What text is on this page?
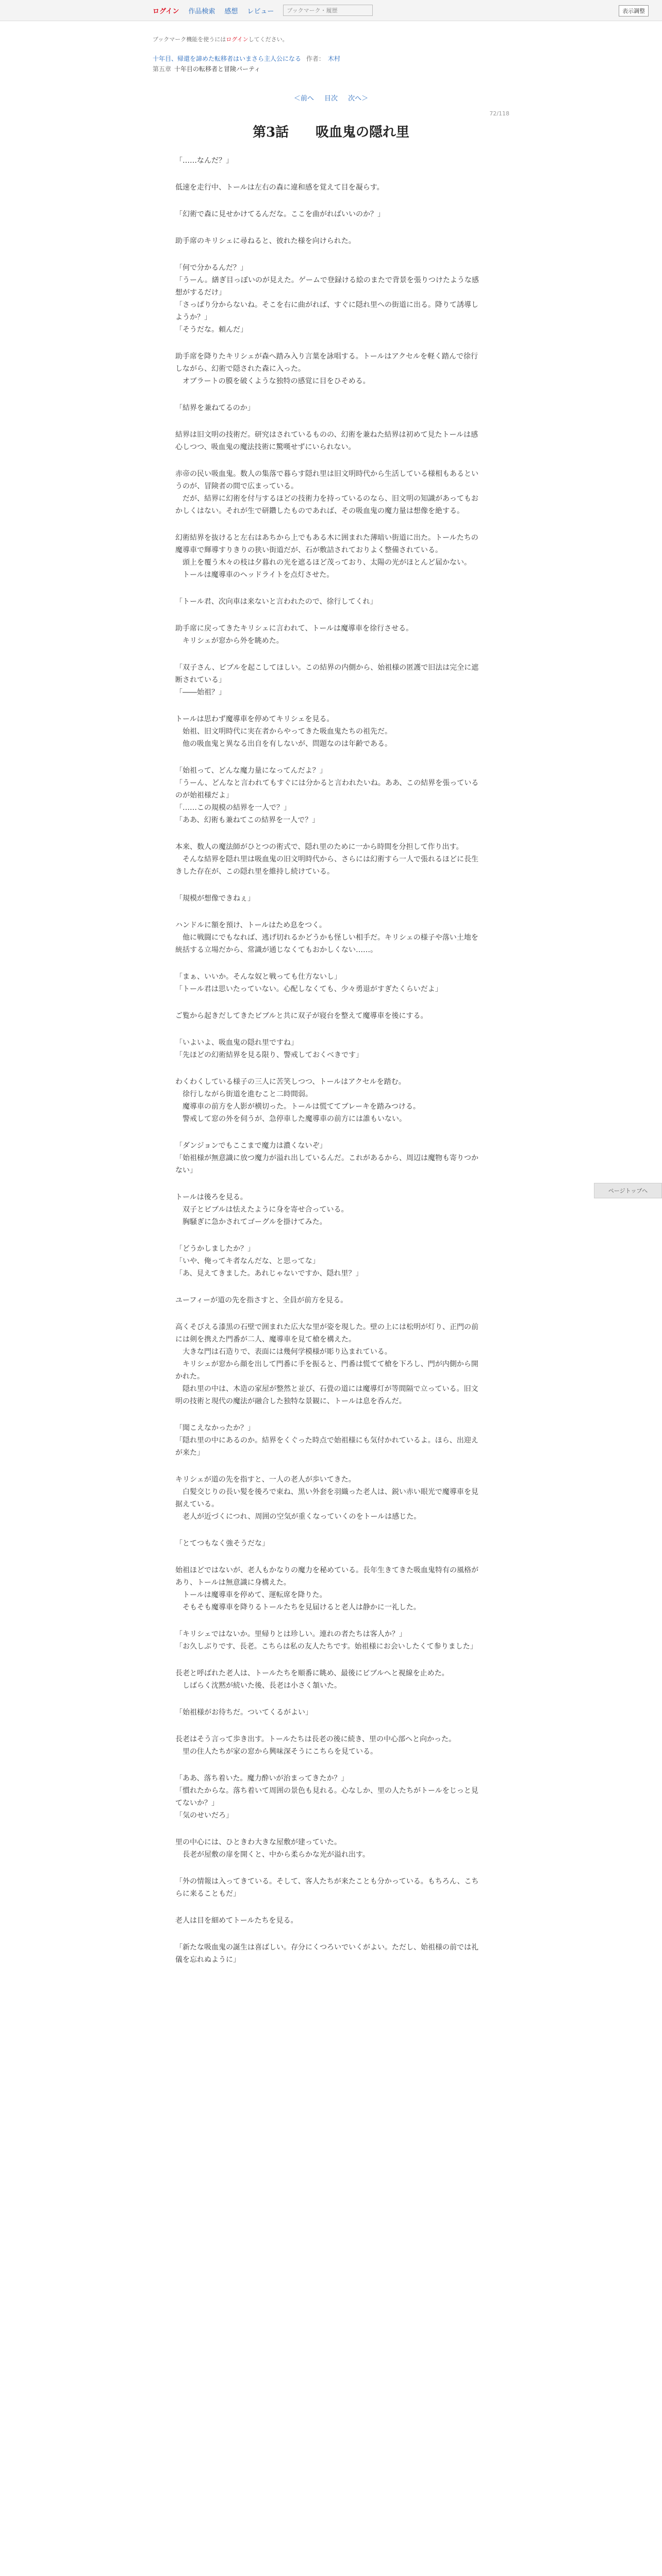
ログイン 作品検索 感想 レビュー	ブックマーク・履歴	表示調整
ブックマーク機能を使うにはログインしてください。
十年目、帰還を諦めた転移者はいまさら主人公になる 作者： 木村
第五章 十年目の転移者と冒険パーティ
＜前へ 目次 次へ＞
72/118
第3話　　吸血鬼の隠れ里

「……なんだ？」

低速を走行中、トールは左右の森に違和感を覚えて目を凝らす。

「幻術で森に見せかけてるんだな。ここを曲がればいいのか？」

助手席のキリシェに尋ねると、彼れた様を向けられた。

「何で分かるんだ？」
「うーん。繕ぎ目っぽいのが見えた。ゲームで登録ける絵のまたで背景を張りつけたような感想がするだけ」
「さっぱり分からないね。そこを右に曲がれば、すぐに隠れ里への街道に出る。降りて誘導しようか？」
「そうだな。頼んだ」

助手席を降りたキリシェが森へ踏み入り言葉を詠唱する。トールはアクセルを軽く踏んで徐行しながら、幻術で隠された森に入った。
　オブラートの膜を破くような独特の感覚に目をひそめる。

「結界を兼ねてるのか」

結界は旧文明の技術だ。研究はされているものの、幻術を兼ねた結界は初めて見たトールは感心しつつ、吸血鬼の魔法技術に驚嘆せずにいられない。

赤帝の民い吸血鬼。数人の集落で暮らす隠れ里は旧文明時代から生活している様相もあるというのが、冒険者の間で広まっている。
　だが、結界に幻術を付与するほどの技術力を持っているのなら、旧文明の知識があってもおかしくはない。それが生で研鑽したものであれば、その吸血鬼の魔力量は想像を絶する。

幻術結界を抜けると左右はあちから上でもある木に囲まれた薄暗い街道に出た。トールたちの魔導車で輝導すりきりの狭い街道だが、石が敷詰されておりよく整備されている。
　頭上を覆う木々の枝は夕暮れの光を遮るほど茂っており、太陽の光がほとんど届かない。
　トールは魔導車のヘッドライトを点灯させた。

「トール君、次向車は来ないと言われたので、徐行してくれ」

助手席に戻ってきたキリシェに言われて、トールは魔導車を徐行させる。
　キリシェが窓から外を眺めた。

「双子さん、ビブルを起こしてほしい。この結界の内側から、始祖様の匿護で旧法は完全に遮断されている」
「――始祖？」

トールは思わず魔導車を停めてキリシェを見る。
　始祖、旧文明時代に実在者からやってきた吸血鬼たちの祖先だ。
　他の吸血鬼と異なる出自を有しないが、問題なのは年齢である。

「始祖って、どんな魔力量になってんだよ？」
「うーん、どんなと言われてもすぐには分かると言われたいね。ああ、この結界を張っているのが始祖様だよ」
「……この規模の結界を一人で？」
「ああ、幻術も兼ねてこの結界を一人で？」

本来、数人の魔法師がひとつの術式で、隠れ里のために一から時間を分担して作り出す。
　そんな結界を隠れ里は吸血鬼の旧文明時代から、さらには幻術すら一人で張れるほどに長生きした存在が、この隠れ里を維持し続けている。

「規模が想像できねぇ」

ハンドルに額を預け、トールはため息をつく。
　他に戦闘にでもなれば、逃げ切れるかどうかも怪しい相手だ。キリシェの様子や落い土地を統括する立場だから、常識が通じなくてもおかしくない……。

「まぁ、いいか。そんな奴と戦っても仕方ないし」
「トール君は思いたっていない。心配しなくても、少々勇退がすぎたくらいだよ」

ご覧から起きだしてきたビブルと共に双子が寝台を整えて魔導車を後にする。

「いよいよ、吸血鬼の隠れ里ですね」
「先ほどの幻術結界を見る限り、警戒しておくべきです」

わくわくしている様子の三人に苦笑しつつ、トールはアクセルを踏む。
　徐行しながら街道を進むこと二時間弱。
　魔導車の前方を人影が横切った。トールは慌ててブレーキを踏みつける。
　警戒して窓の外を伺うが、急停車した魔導車の前方には誰もいない。

「ダンジョンでもここまで魔力は濃くないぞ」
「始祖様が無意識に放つ魔力が溢れ出しているんだ。これがあるから、周辺は魔物も寄りつかない」

トールは後ろを見る。
　双子とビブルは怯えたように身を寄せ合っている。
　胸騒ぎに急かされてゴーグルを掛けてみた。

「どうかしましたか？」
「いや、俺ってキ者なんだな、と思ってな」
「あ、見えてきました。あれじゃないですか、隠れ里？」

ユーフィーが道の先を指さすと、全員が前方を見る。

高くそびえる漆黒の石壁で囲まれた広大な里が姿を現した。壁の上には松明が灯り、正門の前には剣を携えた門番が二人、魔導車を見て槍を構えた。
　大きな門は石造りで、表面には幾何学模様が彫り込まれている。
　キリシェが窓から顔を出して門番に手を振ると、門番は慌てて槍を下ろし、門が内側から開かれた。
　隠れ里の中は、木造の家屋が整然と並び、石畳の道には魔導灯が等間隔で立っている。旧文明の技術と現代の魔法が融合した独特な景観に、トールは息を呑んだ。

「聞こえなかったか？」
「隠れ里の中にあるのか。結界をくぐった時点で始祖様にも気付かれているよ。ほら、出迎えが来た」

キリシェが道の先を指すと、一人の老人が歩いてきた。
　白髪交じりの長い髪を後ろで束ね、黒い外套を羽織った老人は、鋭い赤い眼光で魔導車を見据えている。
　老人が近づくにつれ、周囲の空気が重くなっていくのをトールは感じた。

「とてつもなく強そうだな」

始祖ほどではないが、老人もかなりの魔力を秘めている。長年生きてきた吸血鬼特有の風格があり、トールは無意識に身構えた。
　トールは魔導車を停めて、運転席を降りた。
　そもそも魔導車を降りるトールたちを見届けると老人は静かに一礼した。

「キリシェではないか。里帰りとは珍しい。連れの者たちは客人か？」
「お久しぶりです、長老。こちらは私の友人たちです。始祖様にお会いしたくて参りました」

長老と呼ばれた老人は、トールたちを順番に眺め、最後にビブルへと視線を止めた。
　しばらく沈黙が続いた後、長老は小さく頷いた。

「始祖様がお待ちだ。ついてくるがよい」

長老はそう言って歩き出す。トールたちは長老の後に続き、里の中心部へと向かった。
　里の住人たちが家の窓から興味深そうにこちらを見ている。

「ああ、落ち着いた。魔力酔いが治まってきたか？」
「慣れたからな。落ち着いて周囲の景色も見れる。心なしか、里の人たちがトールをじっと見てないか？」
「気のせいだろ」

里の中心には、ひときわ大きな屋敷が建っていた。
　長老が屋敷の扉を開くと、中から柔らかな光が溢れ出す。

「外の情報は入ってきている。そして、客人たちが来たことも分かっている。もちろん、こちらに来ることもだ」

老人は目を細めてトールたちを見る。

「新たな吸血鬼の誕生は喜ばしい。存分にくつろいでいくがよい。ただし、始祖様の前では礼儀を忘れぬように」

ページトップへ
